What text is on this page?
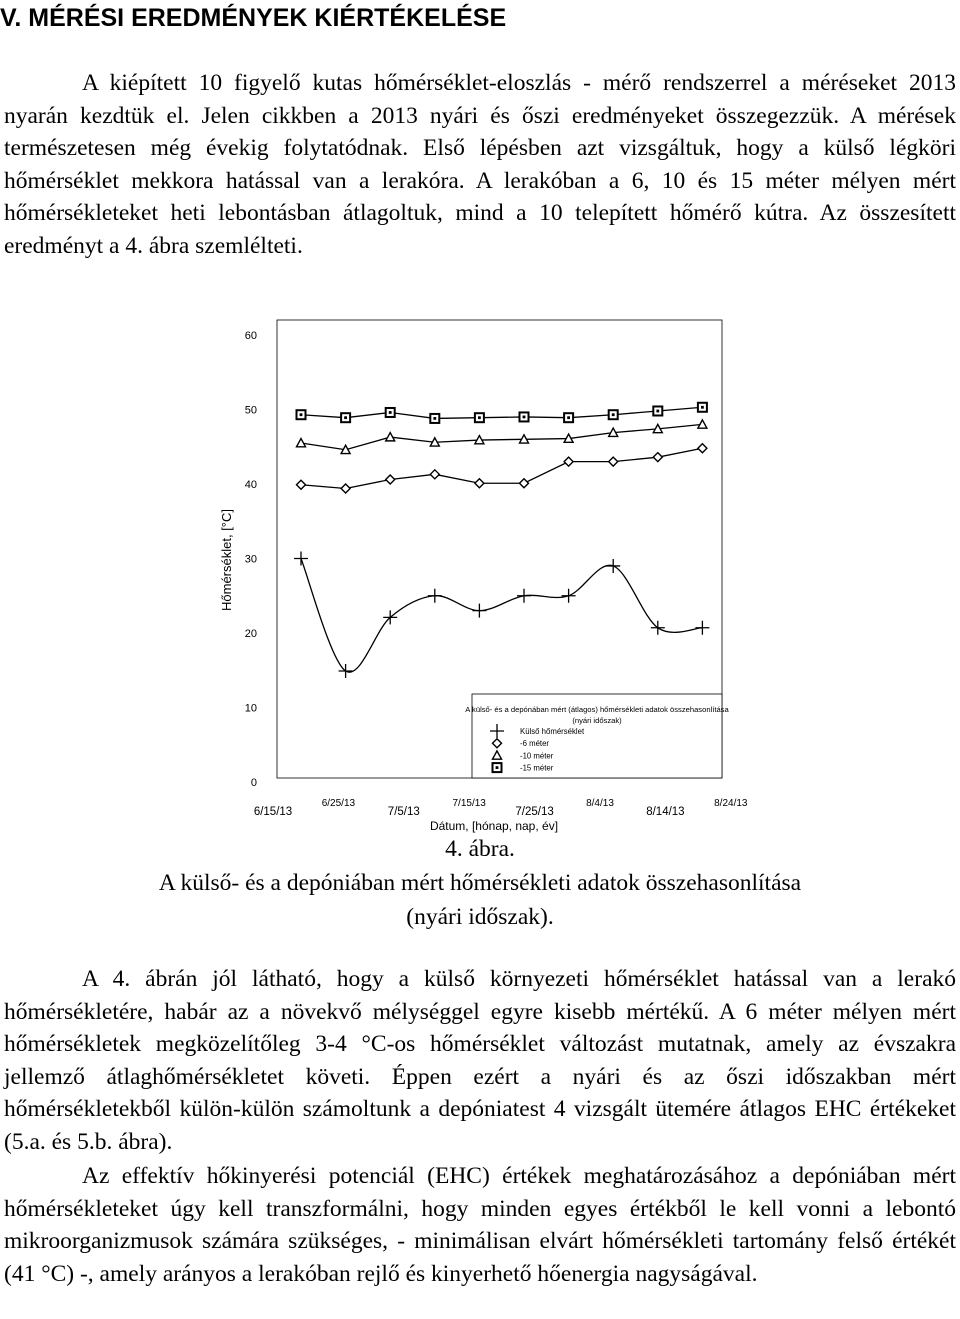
V. MÉRÉSI EREDMÉNYEK KIÉRTÉKELÉSE

A kiépített 10 figyelő kutas hőmérséklet-eloszlás - mérő rendszerrel a méréseket 2013 nyarán kezdtük el. Jelen cikkben a 2013 nyári és őszi eredményeket összegezzük. A mérések természetesen még évekig folytatódnak. Első lépésben azt vizsgáltuk, hogy a külső légköri hőmérséklet mekkora hatással van a lerakóra. A lerakóban a 6, 10 és 15 méter mélyen mért hőmérsékleteket heti lebontásban átlagoltuk, mind a 10 telepített hőmérő kútra. Az összesített eredményt a 4. ábra szemlélteti.

0
10
20
30
40
50
60
Hőmérséklet, [°C]
A külső- és a depónában mért (átlagos) hőmérsékleti adatok összehasonlítása
(nyári időszak)
Külső hőmérséklet
-6 méter
-10 méter
-15 méter
6/15/13
6/25/13
7/5/13
7/15/13
7/25/13
8/4/13
8/14/13
8/24/13
Dátum, [hónap, nap, év]

4. ábra.

A külső- és a depóniában mért hőmérsékleti adatok összehasonlítása
(nyári időszak).

A 4. ábrán jól látható, hogy a külső környezeti hőmérséklet hatással van a lerakó hőmérsékletére, habár az a növekvő mélységgel egyre kisebb mértékű. A 6 méter mélyen mért hőmérsékletek megközelítőleg 3-4 °C-os hőmérséklet változást mutatnak, amely az évszakra jellemző átlaghőmérsékletet követi. Éppen ezért a nyári és az őszi időszakban mért hőmérsékletekből külön-külön számoltunk a depóniatest 4 vizsgált ütemére átlagos EHC értékeket (5.a. és 5.b. ábra).

Az effektív hőkinyerési potenciál (EHC) értékek meghatározásához a depóniában mért hőmérsékleteket úgy kell transzformálni, hogy minden egyes értékből le kell vonni a lebontó mikroorganizmusok számára szükséges, - minimálisan elvárt hőmérsékleti tartomány felső értékét (41 °C) -, amely arányos a lerakóban rejlő és kinyerhető hőenergia nagyságával.
